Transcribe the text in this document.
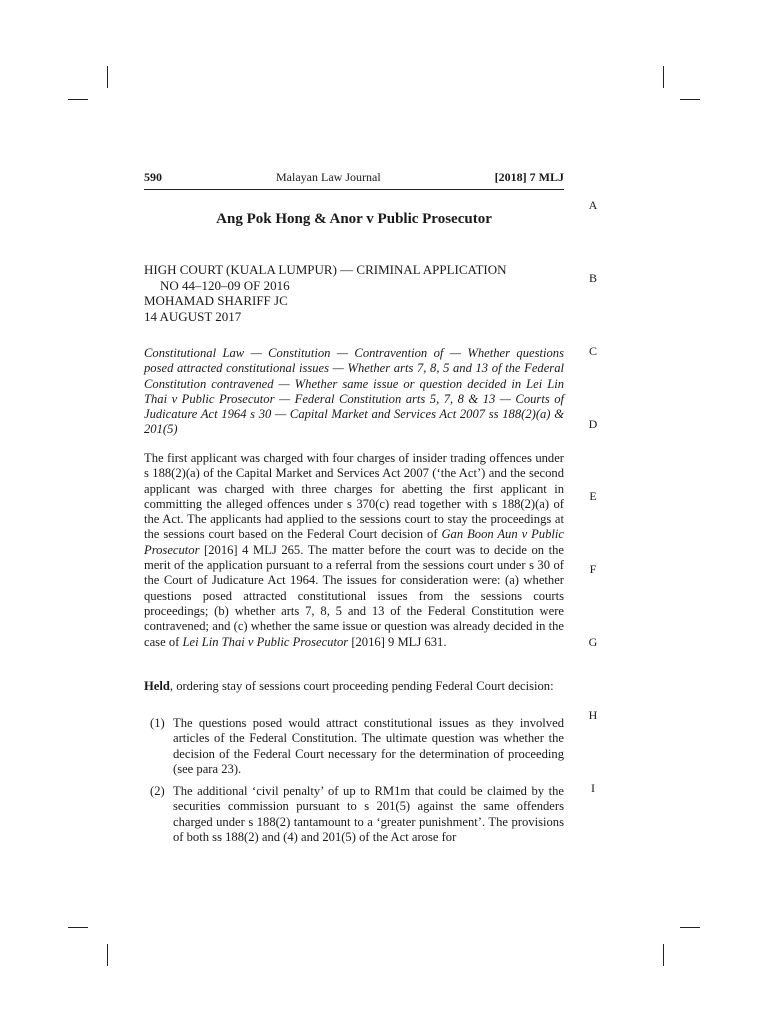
590	Malayan Law Journal	[2018] 7 MLJ
A
B
C
D
E
F
G
H
I
Ang Pok Hong & Anor v Public Prosecutor
HIGH COURT (KUALA LUMPUR) — CRIMINAL APPLICATION
NO 44–120–09 OF 2016
MOHAMAD SHARIFF JC
14 AUGUST 2017
Constitutional Law — Constitution — Contravention of — Whether questions posed attracted constitutional issues — Whether arts 7, 8, 5 and 13 of the Federal Constitution contravened — Whether same issue or question decided in Lei Lin Thai v Public Prosecutor — Federal Constitution arts 5, 7, 8 & 13 — Courts of Judicature Act 1964 s 30 — Capital Market and Services Act 2007 ss 188(2)(a) & 201(5)
The first applicant was charged with four charges of insider trading offences under s 188(2)(a) of the Capital Market and Services Act 2007 (‘the Act’) and the second applicant was charged with three charges for abetting the first applicant in committing the alleged offences under s 370(c) read together with s 188(2)(a) of the Act. The applicants had applied to the sessions court to stay the proceedings at the sessions court based on the Federal Court decision of Gan Boon Aun v Public Prosecutor [2016] 4 MLJ 265. The matter before the court was to decide on the merit of the application pursuant to a referral from the sessions court under s 30 of the Court of Judicature Act 1964. The issues for consideration were: (a) whether questions posed attracted constitutional issues from the sessions courts proceedings; (b) whether arts 7, 8, 5 and 13 of the Federal Constitution were contravened; and (c) whether the same issue or question was already decided in the case of Lei Lin Thai v Public Prosecutor [2016] 9 MLJ 631.
Held, ordering stay of sessions court proceeding pending Federal Court decision:
(1) The questions posed would attract constitutional issues as they involved articles of the Federal Constitution. The ultimate question was whether the decision of the Federal Court necessary for the determination of proceeding (see para 23).
(2) The additional ‘civil penalty’ of up to RM1m that could be claimed by the securities commission pursuant to s 201(5) against the same offenders charged under s 188(2) tantamount to a ‘greater punishment’. The provisions of both ss 188(2) and (4) and 201(5) of the Act arose for
